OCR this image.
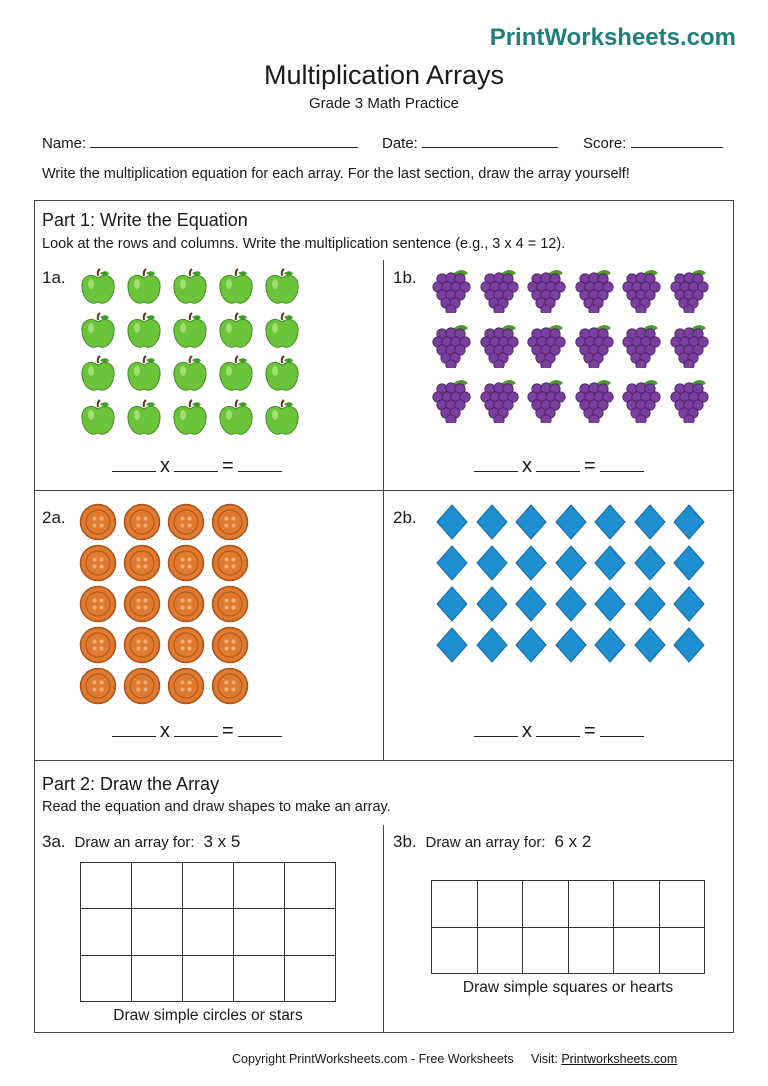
PrintWorksheets.com
Multiplication Arrays
Grade 3 Math Practice
Name:	Date:	Score:
Write the multiplication equation for each array. For the last section, draw the array yourself!
Part 1: Write the Equation
Look at the rows and columns. Write the multiplication sentence (e.g., 3 x 4 = 12).
1a.
x	=
1b.
x	=
2a.
x	=
2b.
x	=
Part 2: Draw the Array
Read the equation and draw shapes to make an array.
3a. Draw an array for: 3 x 5	3b. Draw an array for: 6 x 2

Draw simple circles or stars
Draw simple squares or hearts
Copyright PrintWorksheets.com - Free Worksheets Visit: Printworksheets.com
